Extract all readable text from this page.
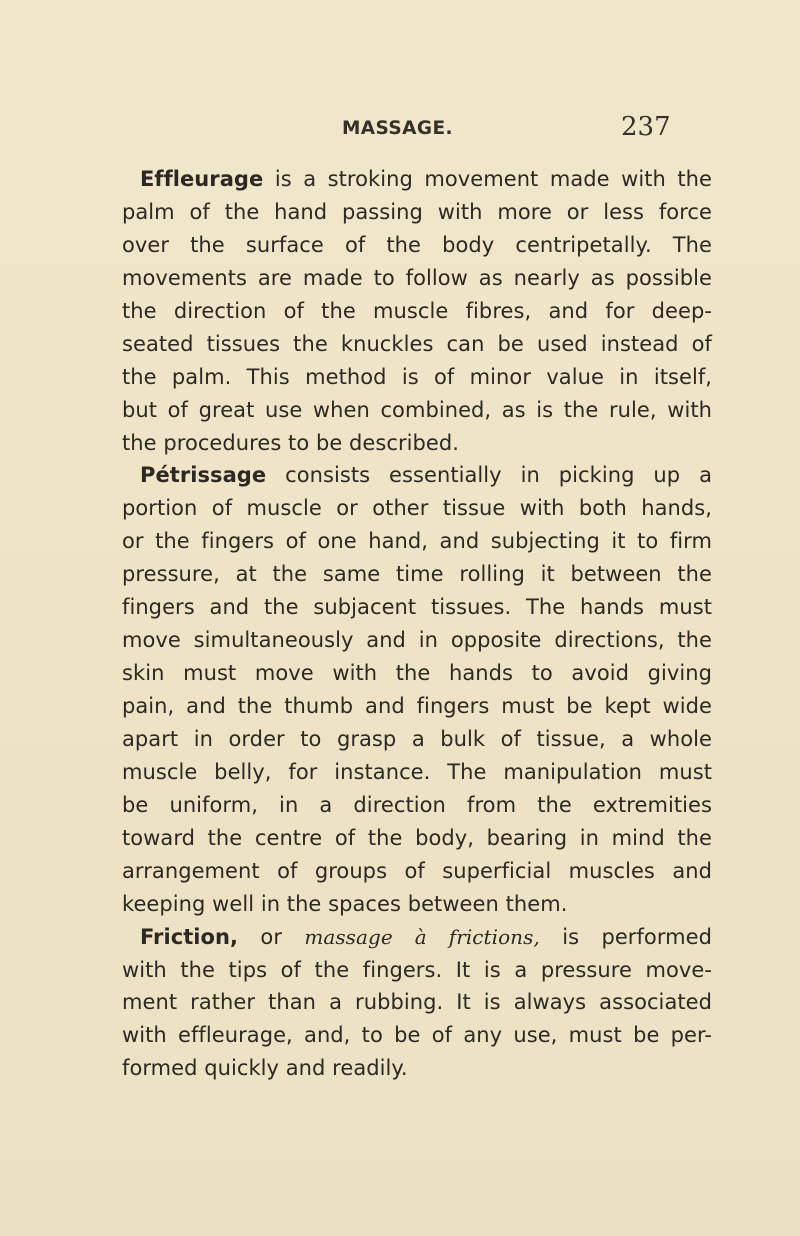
MASSAGE.	237
Effleurage is a stroking movement made with the
palm of the hand passing with more or less force
over the surface of the body centripetally. The
movements are made to follow as nearly as possible
the direction of the muscle fibres, and for deep-
seated tissues the knuckles can be used instead of
the palm. This method is of minor value in itself,
but of great use when combined, as is the rule, with
the procedures to be described.
Pétrissage consists essentially in picking up a
portion of muscle or other tissue with both hands,
or the fingers of one hand, and subjecting it to firm
pressure, at the same time rolling it between the
fingers and the subjacent tissues. The hands must
move simultaneously and in opposite directions, the
skin must move with the hands to avoid giving
pain, and the thumb and fingers must be kept wide
apart in order to grasp a bulk of tissue, a whole
muscle belly, for instance. The manipulation must
be uniform, in a direction from the extremities
toward the centre of the body, bearing in mind the
arrangement of groups of superficial muscles and
keeping well in the spaces between them.
Friction, or massage à frictions, is performed
with the tips of the fingers. It is a pressure move-
ment rather than a rubbing. It is always associated
with effleurage, and, to be of any use, must be per-
formed quickly and readily.
